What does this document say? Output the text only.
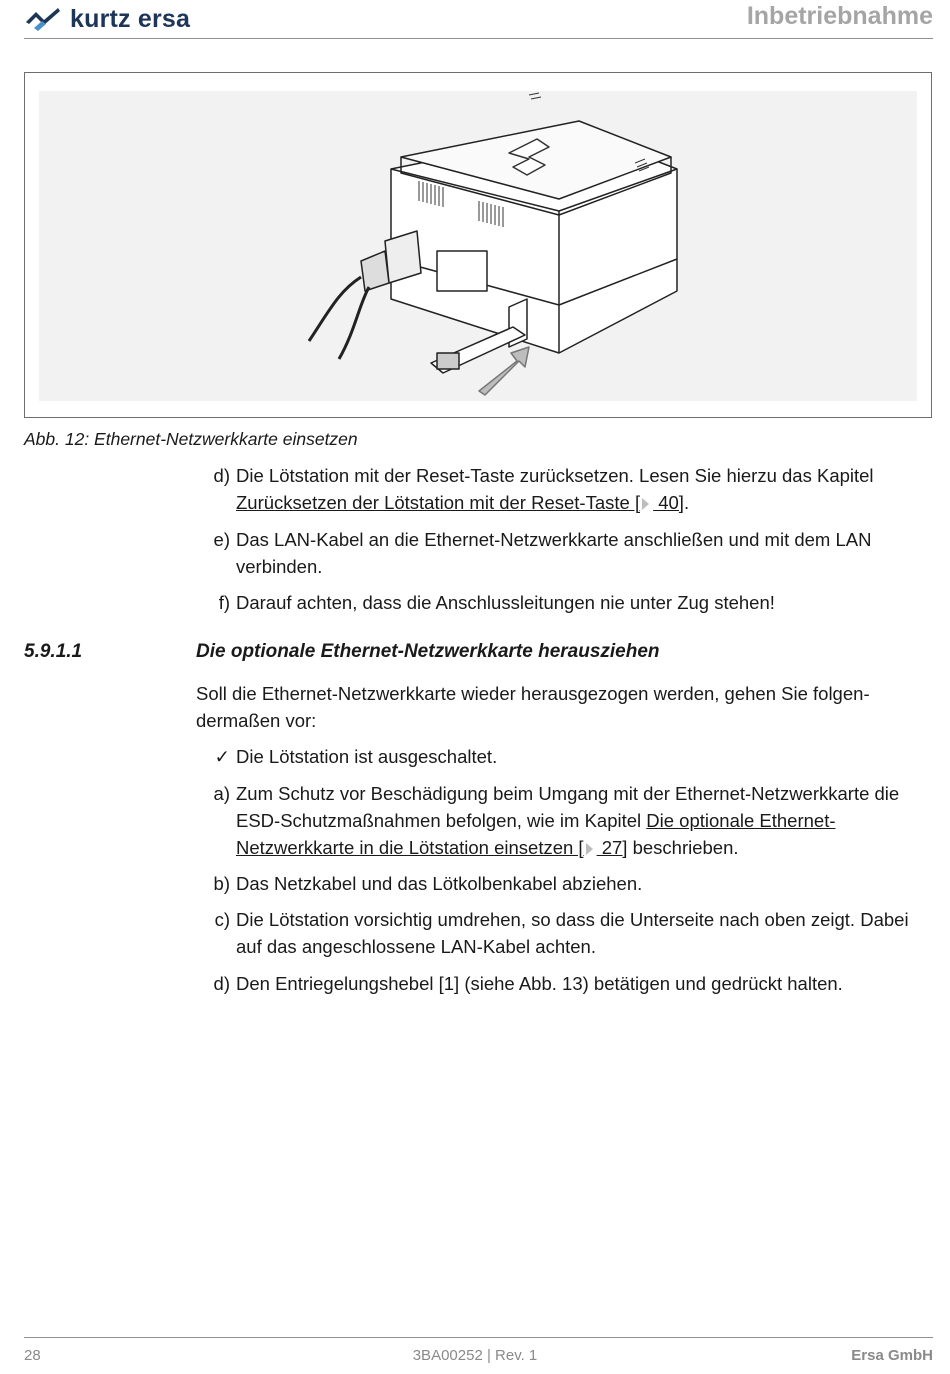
kurtz ersa	Inbetriebnahme
Abb. 12: Ethernet-Netzwerkkarte einsetzen
d) Die Lötstation mit der Reset-Taste zurücksetzen. Lesen Sie hierzu das Kapitel Zurücksetzen der Lötstation mit der Reset-Taste [ 40].
e) Das LAN-Kabel an die Ethernet-Netzwerkkarte anschließen und mit dem LAN verbinden.
f) Darauf achten, dass die Anschlussleitungen nie unter Zug stehen!
5.9.1.1	Die optionale Ethernet-Netzwerkkarte herausziehen
Soll die Ethernet-Netzwerkkarte wieder herausgezogen werden, gehen Sie folgendermaßen vor:
✓ Die Lötstation ist ausgeschaltet.
a) Zum Schutz vor Beschädigung beim Umgang mit der Ethernet-Netzwerkkarte die ESD-Schutzmaßnahmen befolgen, wie im Kapitel Die optionale Ethernet-Netzwerkkarte in die Lötstation einsetzen [ 27] beschrieben.
b) Das Netzkabel und das Lötkolbenkabel abziehen.
c) Die Lötstation vorsichtig umdrehen, so dass die Unterseite nach oben zeigt. Dabei auf das angeschlossene LAN-Kabel achten.
d) Den Entriegelungshebel [1] (siehe Abb. 13) betätigen und gedrückt halten.
28	3BA00252 | Rev. 1	Ersa GmbH
